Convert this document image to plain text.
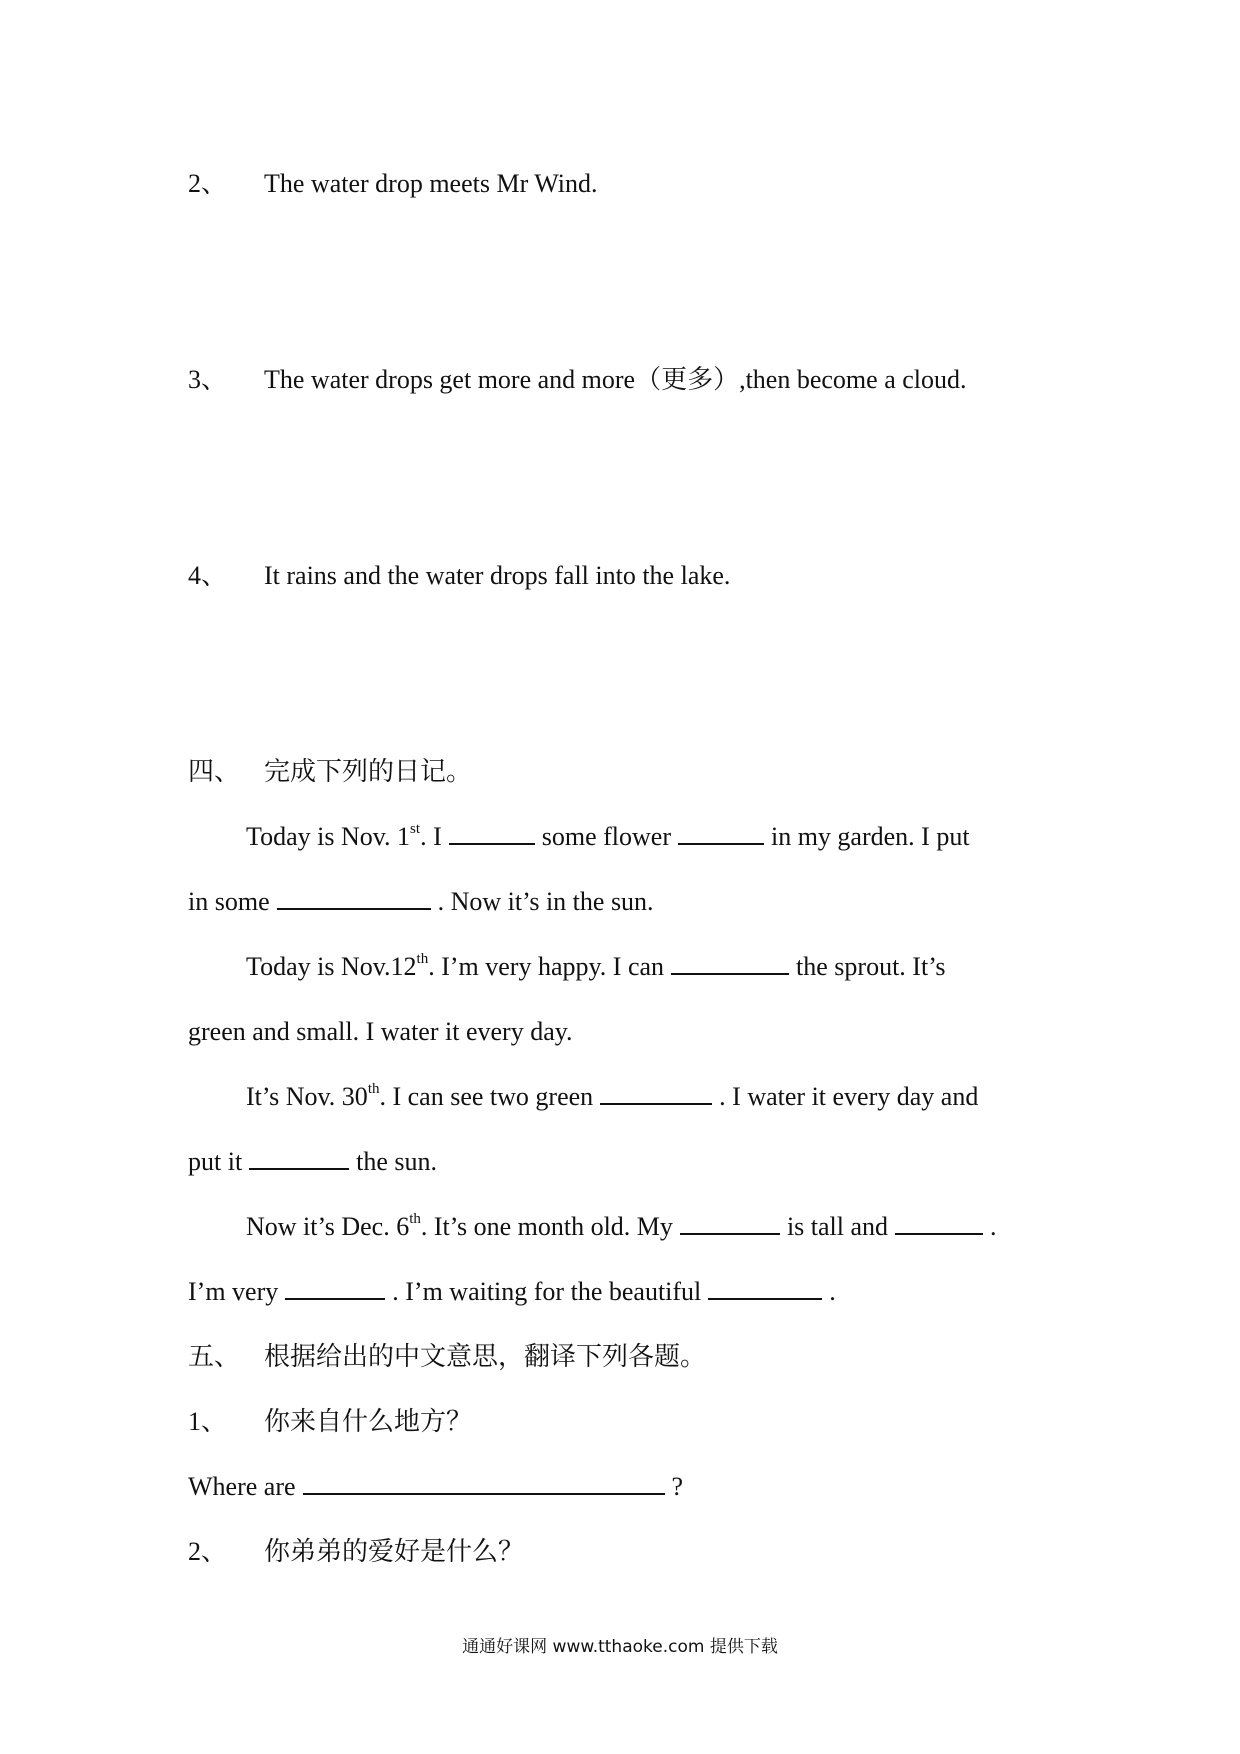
2、 The water drop meets Mr Wind.
3、 The water drops get more and more（更多）,then become a cloud.
4、 It rains and the water drops fall into the lake.
四、 完成下列的日记。
Today is Nov. 1st. I	some flower	in my garden. I put
in some	. Now it’s in the sun.
Today is Nov.12th. I’m very happy. I can	the sprout. It’s
green and small. I water it every day.
It’s Nov. 30th. I can see two green	. I water it every day and
put it	the sun.
Now it’s Dec. 6th. It’s one month old. My	is tall and	.
I’m very	. I’m waiting for the beautiful	.
五、 根据给出的中文意思，翻译下列各题。
1、 你来自什么地方？
Where are	?
2、 你弟弟的爱好是什么？
通通好课网 www.tthaoke.com 提供下载
